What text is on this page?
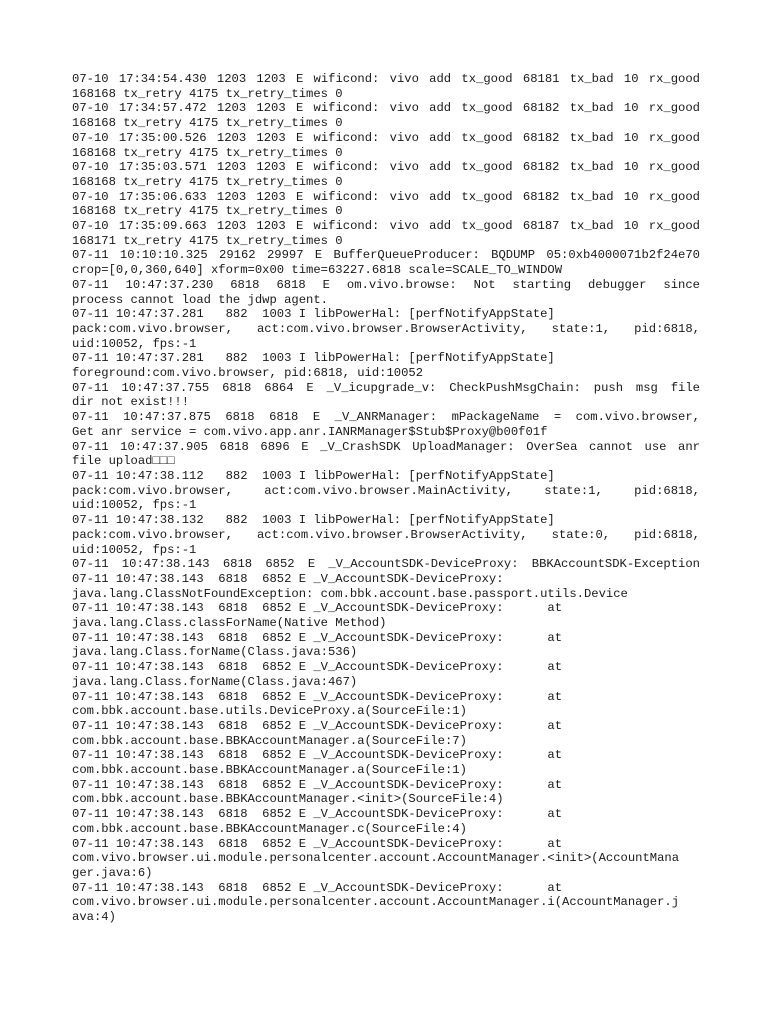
07-10 17:34:54.430 1203 1203 E wificond: vivo add tx_good 68181 tx_bad 10 rx_good
168168 tx_retry 4175 tx_retry_times 0
07-10 17:34:57.472 1203 1203 E wificond: vivo add tx_good 68182 tx_bad 10 rx_good
168168 tx_retry 4175 tx_retry_times 0
07-10 17:35:00.526 1203 1203 E wificond: vivo add tx_good 68182 tx_bad 10 rx_good
168168 tx_retry 4175 tx_retry_times 0
07-10 17:35:03.571 1203 1203 E wificond: vivo add tx_good 68182 tx_bad 10 rx_good
168168 tx_retry 4175 tx_retry_times 0
07-10 17:35:06.633 1203 1203 E wificond: vivo add tx_good 68182 tx_bad 10 rx_good
168168 tx_retry 4175 tx_retry_times 0
07-10 17:35:09.663 1203 1203 E wificond: vivo add tx_good 68187 tx_bad 10 rx_good
168171 tx_retry 4175 tx_retry_times 0
07-11 10:10:10.325 29162 29997 E BufferQueueProducer: BQDUMP 05:0xb4000071b2f24e70
crop=[0,0,360,640] xform=0x00 time=63227.6818 scale=SCALE_TO_WINDOW
07-11 10:47:37.230 6818 6818 E om.vivo.browse: Not starting debugger since
process cannot load the jdwp agent.
07-11 10:47:37.281   882  1003 I libPowerHal: [perfNotifyAppState]
pack:com.vivo.browser, act:com.vivo.browser.BrowserActivity, state:1, pid:6818,
uid:10052, fps:-1
07-11 10:47:37.281   882  1003 I libPowerHal: [perfNotifyAppState]
foreground:com.vivo.browser, pid:6818, uid:10052
07-11 10:47:37.755 6818 6864 E _V_icupgrade_v: CheckPushMsgChain: push msg file
dir not exist!!!
07-11 10:47:37.875 6818 6818 E _V_ANRManager: mPackageName = com.vivo.browser,
Get anr service = com.vivo.app.anr.IANRManager$Stub$Proxy@b00f01f
07-11 10:47:37.905 6818 6896 E _V_CrashSDK UploadManager: OverSea cannot use anr
file upload□□□
07-11 10:47:38.112   882  1003 I libPowerHal: [perfNotifyAppState]
pack:com.vivo.browser, act:com.vivo.browser.MainActivity, state:1, pid:6818,
uid:10052, fps:-1
07-11 10:47:38.132   882  1003 I libPowerHal: [perfNotifyAppState]
pack:com.vivo.browser, act:com.vivo.browser.BrowserActivity, state:0, pid:6818,
uid:10052, fps:-1
07-11 10:47:38.143 6818 6852 E _V_AccountSDK-DeviceProxy: BBKAccountSDK-Exception
07-11 10:47:38.143  6818  6852 E _V_AccountSDK-DeviceProxy:
java.lang.ClassNotFoundException: com.bbk.account.base.passport.utils.Device
07-11 10:47:38.143  6818  6852 E _V_AccountSDK-DeviceProxy:      at
java.lang.Class.classForName(Native Method)
07-11 10:47:38.143  6818  6852 E _V_AccountSDK-DeviceProxy:      at
java.lang.Class.forName(Class.java:536)
07-11 10:47:38.143  6818  6852 E _V_AccountSDK-DeviceProxy:      at
java.lang.Class.forName(Class.java:467)
07-11 10:47:38.143  6818  6852 E _V_AccountSDK-DeviceProxy:      at
com.bbk.account.base.utils.DeviceProxy.a(SourceFile:1)
07-11 10:47:38.143  6818  6852 E _V_AccountSDK-DeviceProxy:      at
com.bbk.account.base.BBKAccountManager.a(SourceFile:7)
07-11 10:47:38.143  6818  6852 E _V_AccountSDK-DeviceProxy:      at
com.bbk.account.base.BBKAccountManager.a(SourceFile:1)
07-11 10:47:38.143  6818  6852 E _V_AccountSDK-DeviceProxy:      at
com.bbk.account.base.BBKAccountManager.<init>(SourceFile:4)
07-11 10:47:38.143  6818  6852 E _V_AccountSDK-DeviceProxy:      at
com.bbk.account.base.BBKAccountManager.c(SourceFile:4)
07-11 10:47:38.143  6818  6852 E _V_AccountSDK-DeviceProxy:      at
com.vivo.browser.ui.module.personalcenter.account.AccountManager.<init>(AccountMana
ger.java:6)
07-11 10:47:38.143  6818  6852 E _V_AccountSDK-DeviceProxy:      at
com.vivo.browser.ui.module.personalcenter.account.AccountManager.i(AccountManager.j
ava:4)
